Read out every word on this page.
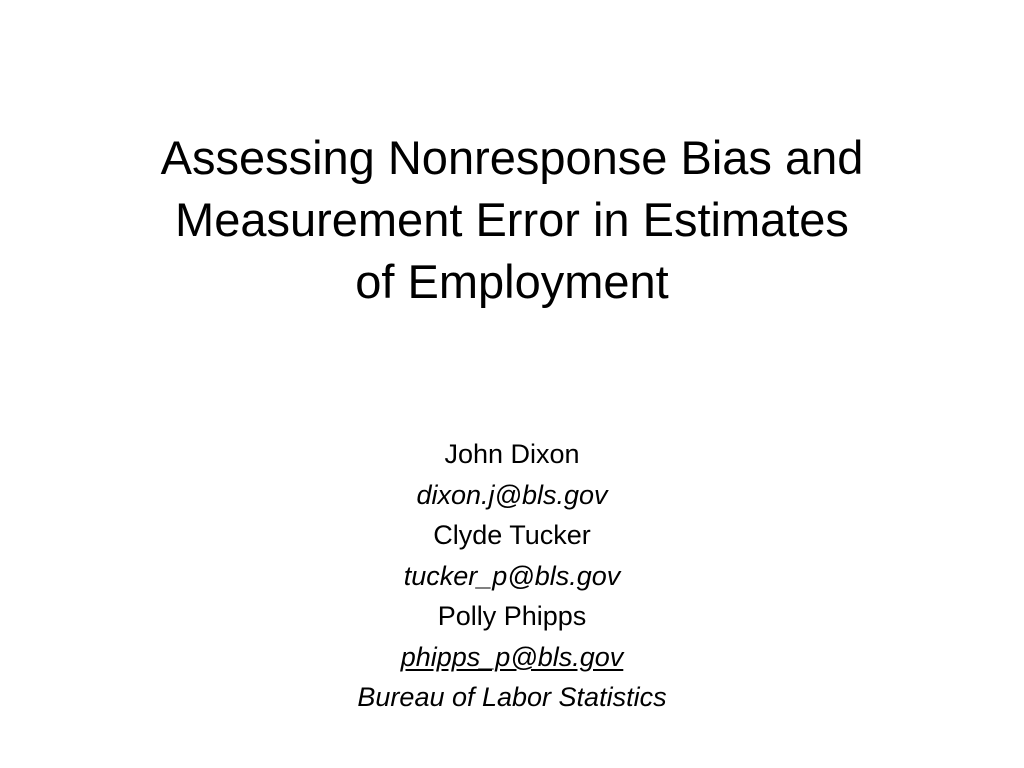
Assessing Nonresponse Bias and
Measurement Error in Estimates
of Employment
John Dixon
dixon.j@bls.gov
Clyde Tucker
tucker_p@bls.gov
Polly Phipps
phipps_p@bls.gov
Bureau of Labor Statistics
